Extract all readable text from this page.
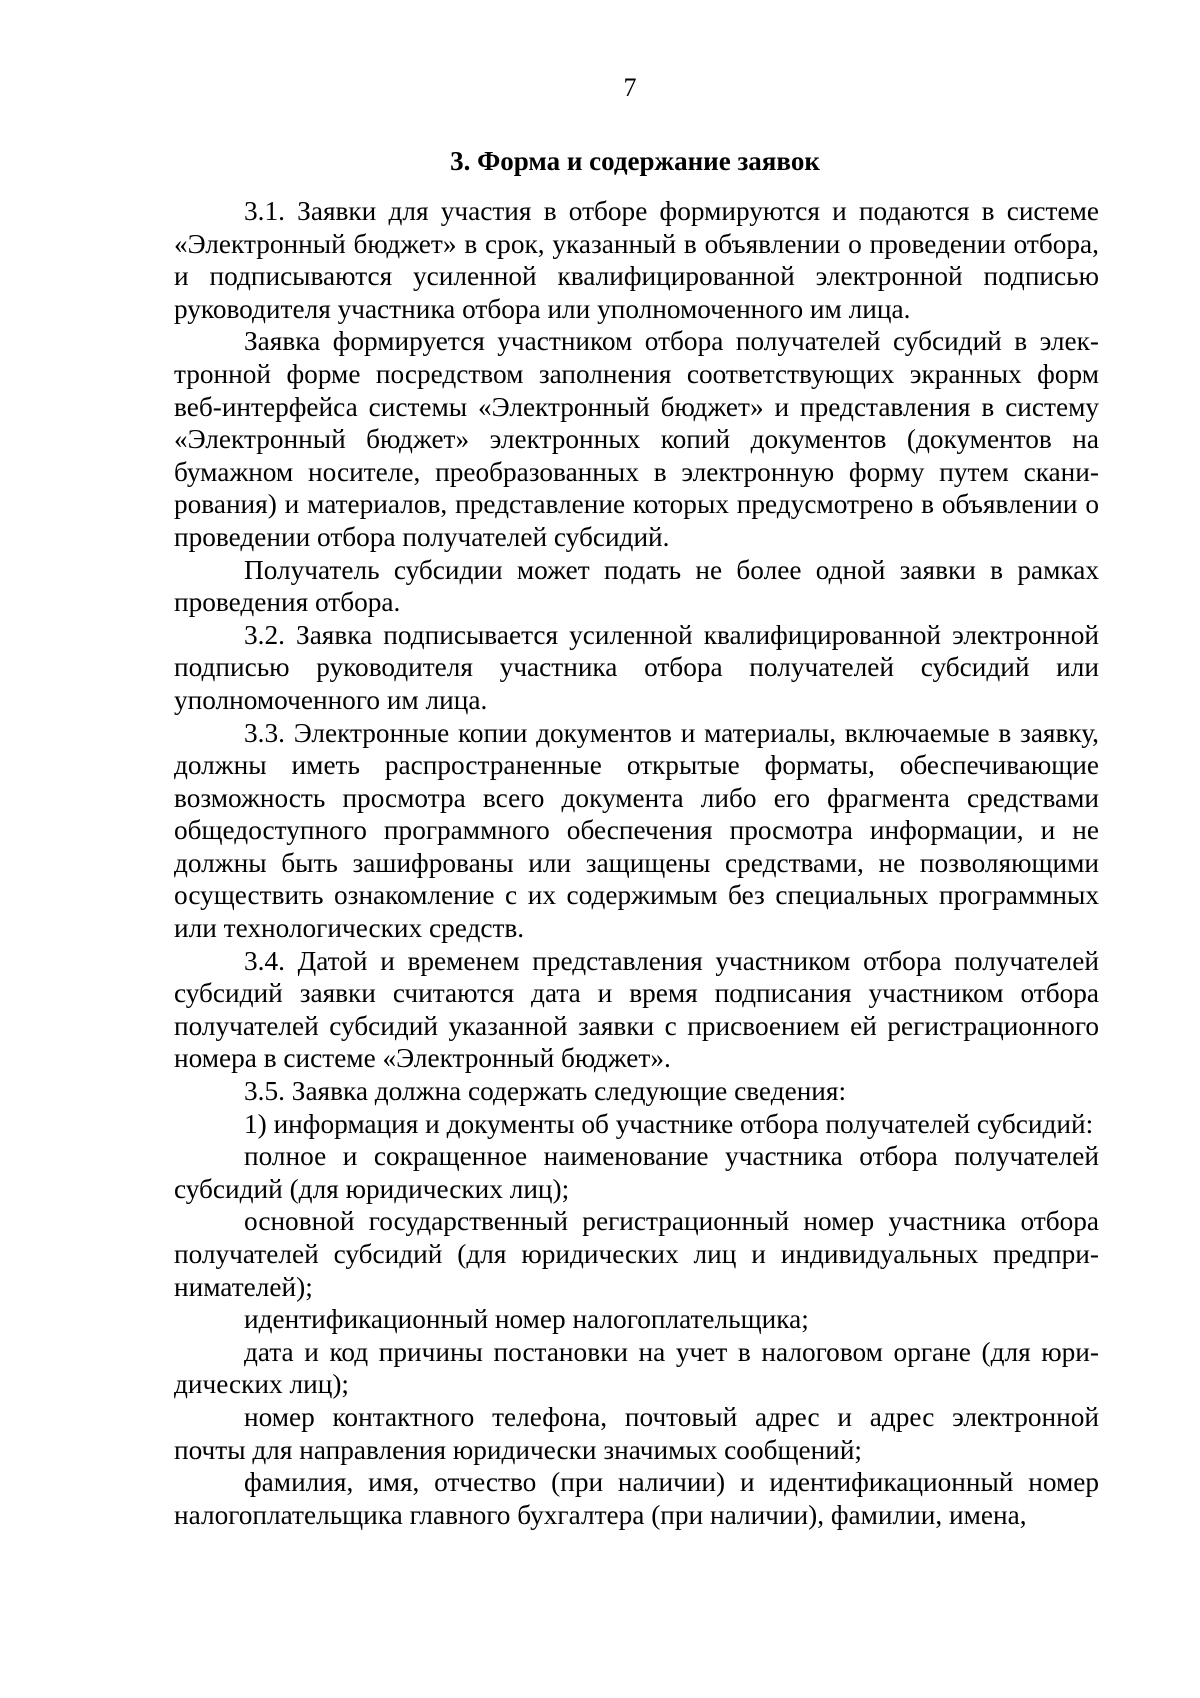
7
3. Форма и содержание заявок

3.1. Заявки для участия в отборе формируются и подаются в системе «Электронный бюджет» в срок, указанный в объявлении о проведении отбора, и подписываются усиленной квалифицированной электронной подписью руководителя участника отбора или уполномоченного им лица.

Заявка формируется участником отбора получателей субсидий в электронной форме посредством заполнения соответствующих экранных форм веб-интерфейса системы «Электронный бюджет» и представления в систему «Электронный бюджет» электронных копий документов (документов на бумажном носителе, преобразованных в электронную форму путем сканирования) и материалов, представление которых предусмотрено в объявлении о проведении отбора получателей субсидий.

Получатель субсидии может подать не более одной заявки в рамках проведения отбора.

3.2. Заявка подписывается усиленной квалифицированной электронной подписью руководителя участника отбора получателей субсидий или уполномоченного им лица.

3.3. Электронные копии документов и материалы, включаемые в заявку, должны иметь распространенные открытые форматы, обеспечивающие возможность просмотра всего документа либо его фрагмента средствами общедоступного программного обеспечения просмотра информации, и не должны быть зашифрованы или защищены средствами, не позволяющими осуществить ознакомление с их содержимым без специальных программных или технологических средств.

3.4. Датой и временем представления участником отбора получателей субсидий заявки считаются дата и время подписания участником отбора получателей субсидий указанной заявки с присвоением ей регистрационного номера в системе «Электронный бюджет».

3.5. Заявка должна содержать следующие сведения:

1) информация и документы об участнике отбора получателей субсидий:

полное и сокращенное наименование участника отбора получателей субсидий (для юридических лиц);

основной государственный регистрационный номер участника отбора получателей субсидий (для юридических лиц и индивидуальных предпринимателей);

идентификационный номер налогоплательщика;

дата и код причины постановки на учет в налоговом органе (для юридических лиц);

номер контактного телефона, почтовый адрес и адрес электронной почты для направления юридически значимых сообщений;

фамилия, имя, отчество (при наличии) и идентификационный номер налогоплательщика главного бухгалтера (при наличии), фамилии, имена,
